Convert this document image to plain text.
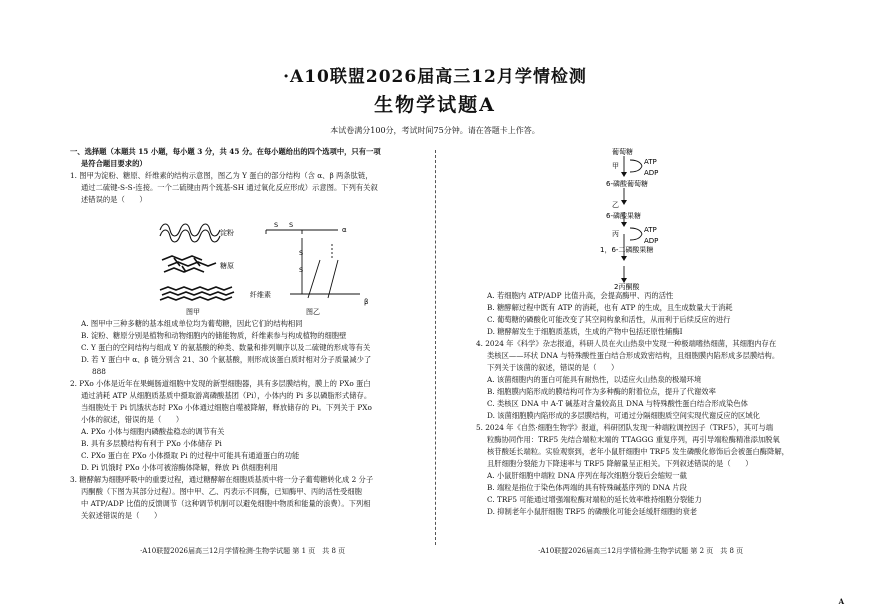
·A10联盟2026届高三12月学情检测
生物学试题A
本试卷满分100分，考试时间75分钟。请在答题卡上作答。

一、选择题（本题共 15 小题，每小题 3 分，共 45 分。在每小题给出的四个选项中，只有一项

是符合题目要求的）

1. 图甲为淀粉、糖原、纤维素的结构示意图，图乙为 Y 蛋白的部分结构（含 α、β 两条肽链，

通过二硫键-S-S-连接。一个二硫键由两个巯基-SH 通过氧化反应形成）示意图。下列有关叙

述错误的是（　　）

淀粉
糖原
纤维素
图甲
S S
S
S
α
β
图乙

A. 图甲中三种多糖的基本组成单位均为葡萄糖，因此它们的结构相同

B. 淀粉、糖原分别是植物和动物细胞内的储能物质，纤维素参与构成植物的细胞壁

C. Y 蛋白的空间结构与组成 Y 的氨基酸的种类、数量和排列顺序以及二硫键的形成等有关

D. 若 Y 蛋白中 α、β 链分别含 21、30 个氨基酸，则形成该蛋白质时相对分子质量减少了

888

2. PXo 小体是近年在果蝇肠道细胞中发现的新型细胞器，具有多层膜结构，膜上的 PXo 蛋白

通过消耗 ATP 从细胞质基质中摄取游离磷酸基团（Pi），小体内的 Pi 多以磷脂形式储存。

当细胞处于 Pi 饥饿状态时 PXo 小体通过细胞自噬被降解，释放储存的 Pi。下列关于 PXo

小体的叙述，错误的是（　　）

A. PXo 小体与细胞内磷酸盐稳态的调节有关

B. 具有多层膜结构有利于 PXo 小体储存 Pi

C. PXo 蛋白在 PXo 小体摄取 Pi 的过程中可能具有通道蛋白的功能

D. Pi 饥饿时 PXo 小体可被溶酶体降解，释放 Pi 供细胞利用

3. 糖酵解为细胞呼吸中的重要过程，通过糖酵解在细胞质基质中将一分子葡萄糖转化成 2 分子

丙酮酸（下图为其部分过程）。图中甲、乙、丙表示不同酶，已知酶甲、丙的活性受细胞

中 ATP/ADP 比值的反馈调节（这种调节机制可以避免细胞中物质和能量的浪费）。下列相

关叙述错误的是（　　）

葡萄糖
甲	ATP
ADP
6-磷酸葡萄糖
乙
6-磷酸果糖
丙	ATP
ADP
1，6-二磷酸果糖
2丙酮酸

A. 若细胞内 ATP/ADP 比值升高，会提高酶甲、丙的活性

B. 糖酵解过程中既有 ATP 的消耗，也有 ATP 的生成，且生成数量大于消耗

C. 葡萄糖的磷酸化可能改变了其空间构象和活性，从而利于后续反应的进行

D. 糖酵解发生于细胞质基质，生成的产物中包括还原性辅酶I

4. 2024 年《科学》杂志报道，科研人员在火山热泉中发现一种极端嗜热细菌，其细胞内存在

类核区——环状 DNA 与特殊酸性蛋白结合形成致密结构，且细胞膜内陷形成多层膜结构。

下列关于该菌的叙述，错误的是（　　）

A. 该菌细胞内的蛋白可能具有耐热性，以适应火山热泉的极端环境

B. 细胞膜内陷形成的膜结构可作为多种酶的附着位点，提升了代谢效率

C. 类核区 DNA 中 A-T 碱基对含量较高且 DNA 与特殊酸性蛋白结合形成染色体

D. 该菌细胞膜内陷形成的多层膜结构，可通过分隔细胞质空间实现代谢反应的区域化

5. 2024 年《自然·细胞生物学》报道，科研团队发现一种端粒调控因子（TRF5），其可与端

粒酶协同作用：TRF5 先结合端粒末端的 TTAGGG 重复序列，再引导端粒酶精准添加脱氧

核苷酸延长端粒。实验观察到，老年小鼠肝细胞中 TRF5 发生磷酸化修饰后会被蛋白酶降解，

且肝细胞分裂能力下降速率与 TRF5 降解量呈正相关。下列叙述错误的是（　　）

A. 小鼠肝细胞中端粒 DNA 序列在每次细胞分裂后会缩短一截

B. 端粒是指位于染色体两端的具有特殊碱基序列的 DNA 片段

C. TRF5 可能通过增强端粒酶对端粒的延长效率维持细胞分裂能力

D. 抑制老年小鼠肝细胞 TRF5 的磷酸化可能会延缓肝细胞的衰老

·A10联盟2026届高三12月学情检测·生物学试题 第 1 页　共 8 页	·A10联盟2026届高三12月学情检测·生物学试题 第 2 页　共 8 页
A
